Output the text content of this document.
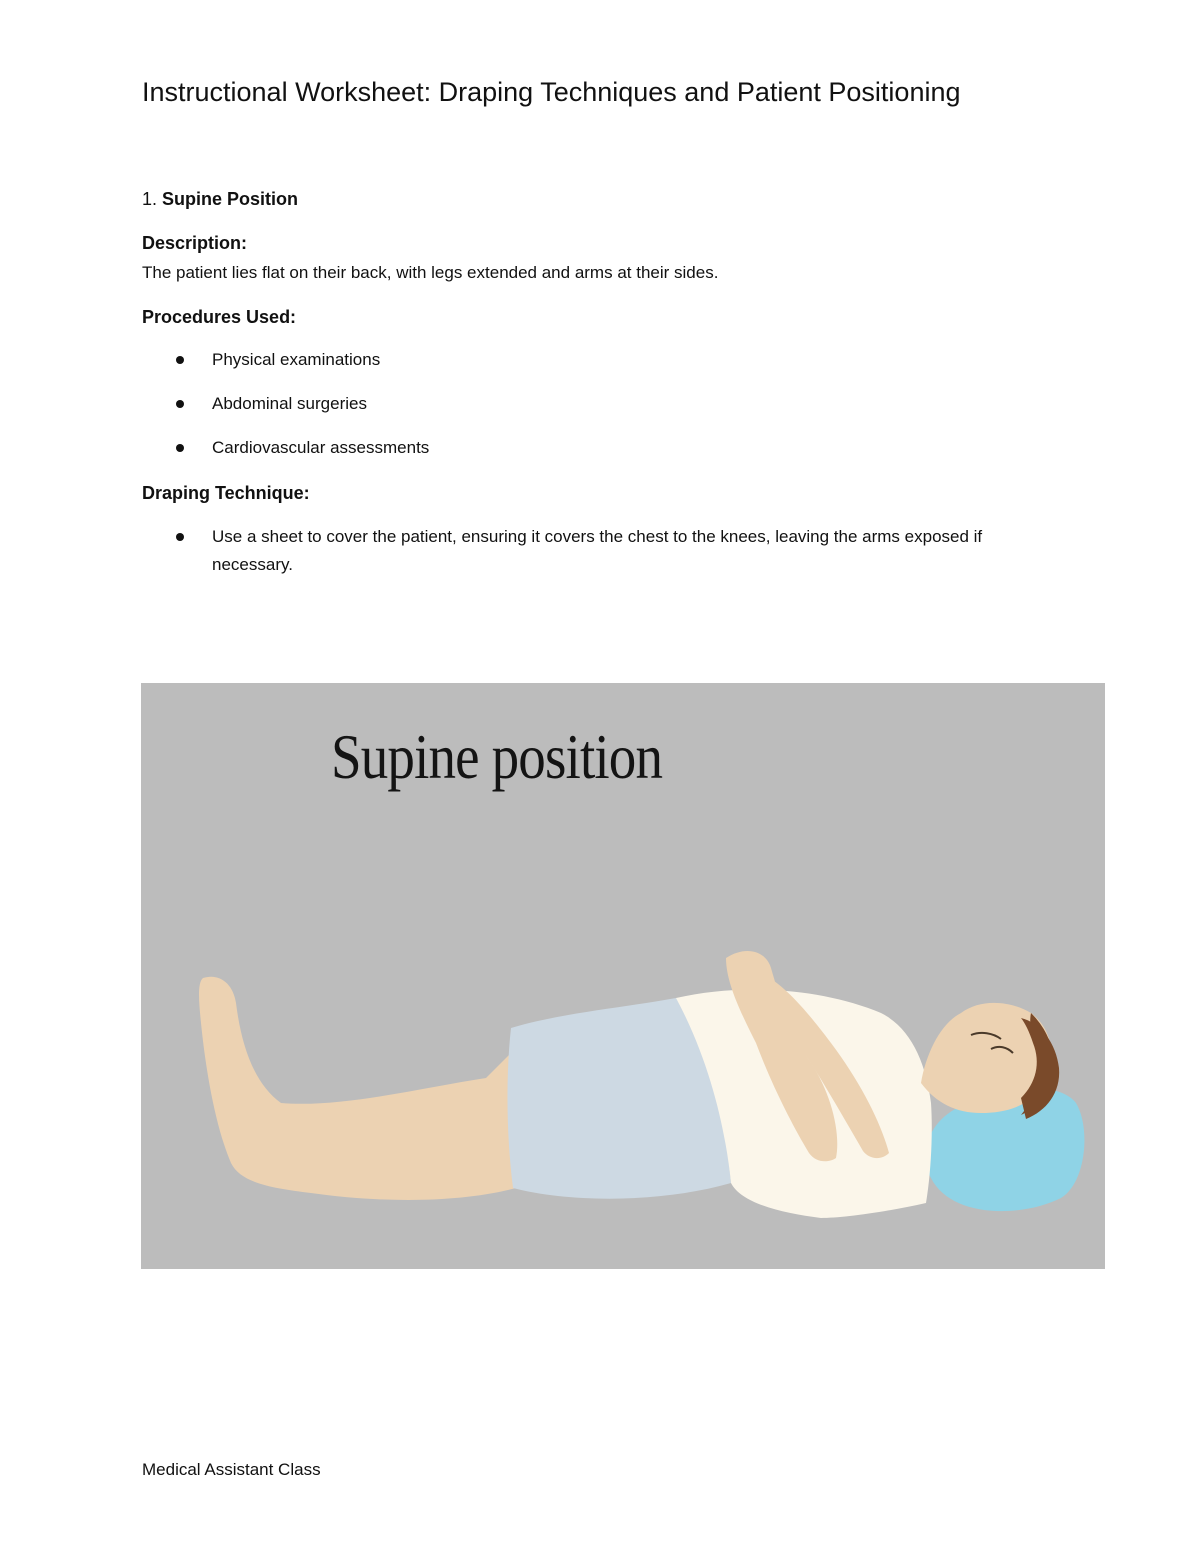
Instructional Worksheet: Draping Techniques and Patient Positioning

1. Supine Position

Description:

The patient lies flat on their back, with legs extended and arms at their sides.

Procedures Used:

Physical examinations
Abdominal surgeries
Cardiovascular assessments

Draping Technique:

Use a sheet to cover the patient, ensuring it covers the chest to the knees, leaving the arms exposed if necessary.
Supine position

Medical Assistant Class
